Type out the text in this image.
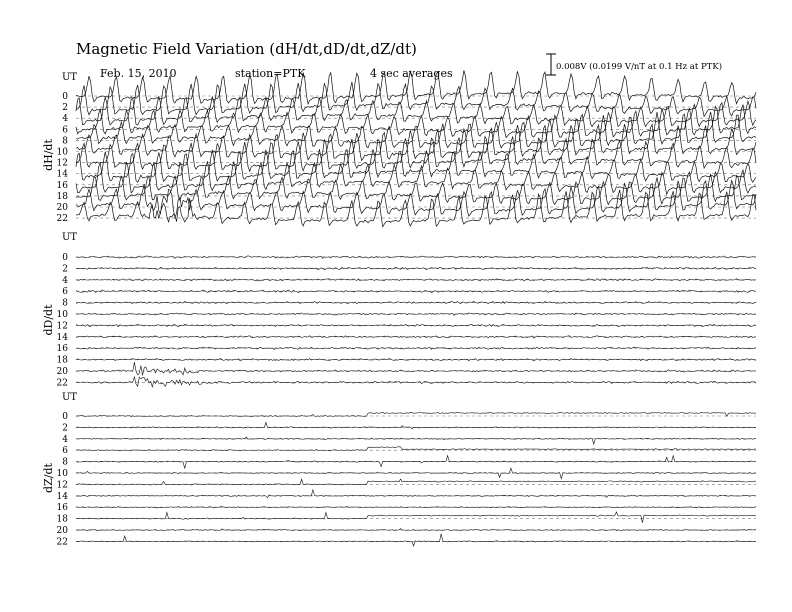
Magnetic Field Variation (dH/dt,dD/dt,dZ/dt)
Feb. 15, 2010	station=PTK	4 sec averages	0.008V (0.0199 V/nT at 0.1 Hz at PTK)
UT
dH/dt
0
2
4
6
8
10
12
14
16
18
20
22
UT
dD/dt
0
2
4
6
8
10
12
14
16
18
20
22
UT
dZ/dt
0
2
4
6
8
10
12
14
16
18
20
22
